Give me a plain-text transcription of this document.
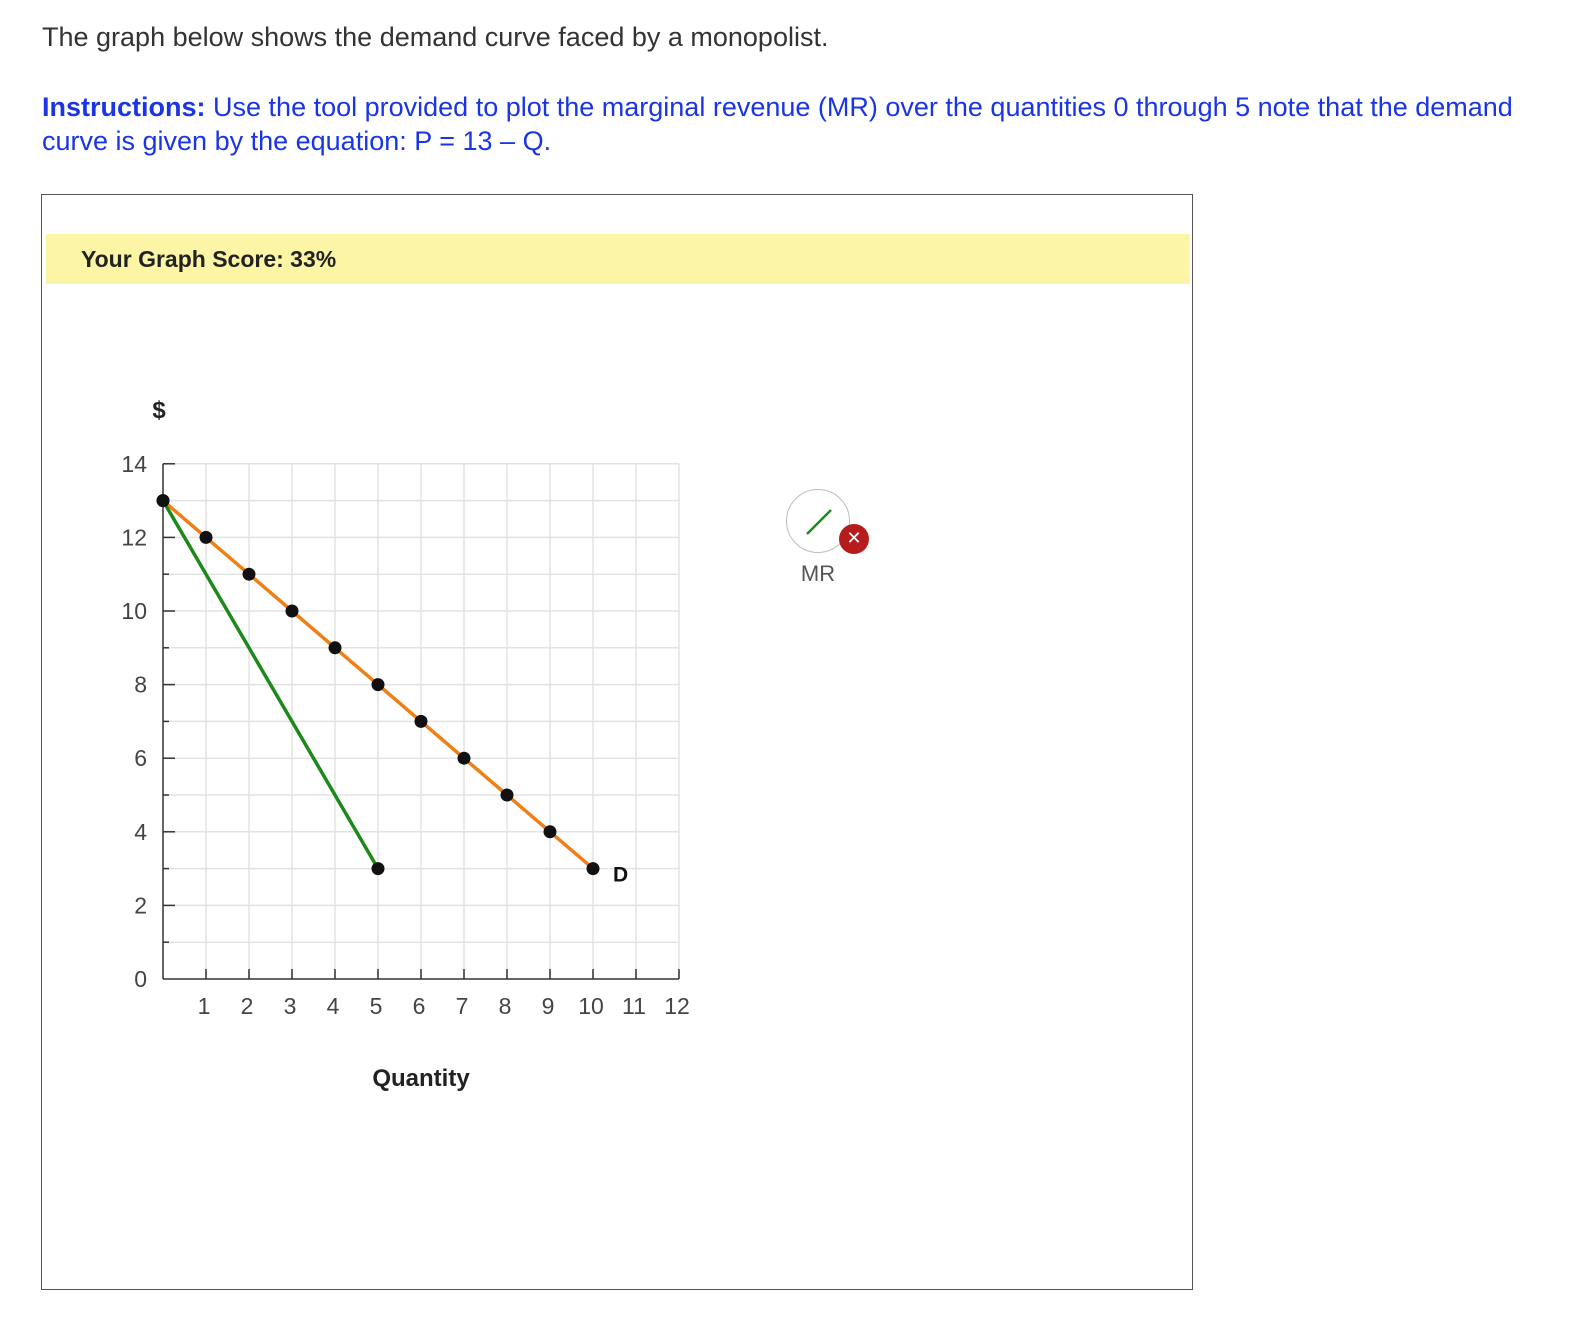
The graph below shows the demand curve faced by a monopolist.

Instructions: Use the tool provided to plot the marginal revenue (MR) over the quantities 0 through 5 note that the demand curve is given by the equation: P = 13 – Q.

Your Graph Score: 33%
0
2
4
6
8
10
12
14
1 2 3 4 5 6 7 8 9 10 11 12
$
Quantity
D
✕
MR
